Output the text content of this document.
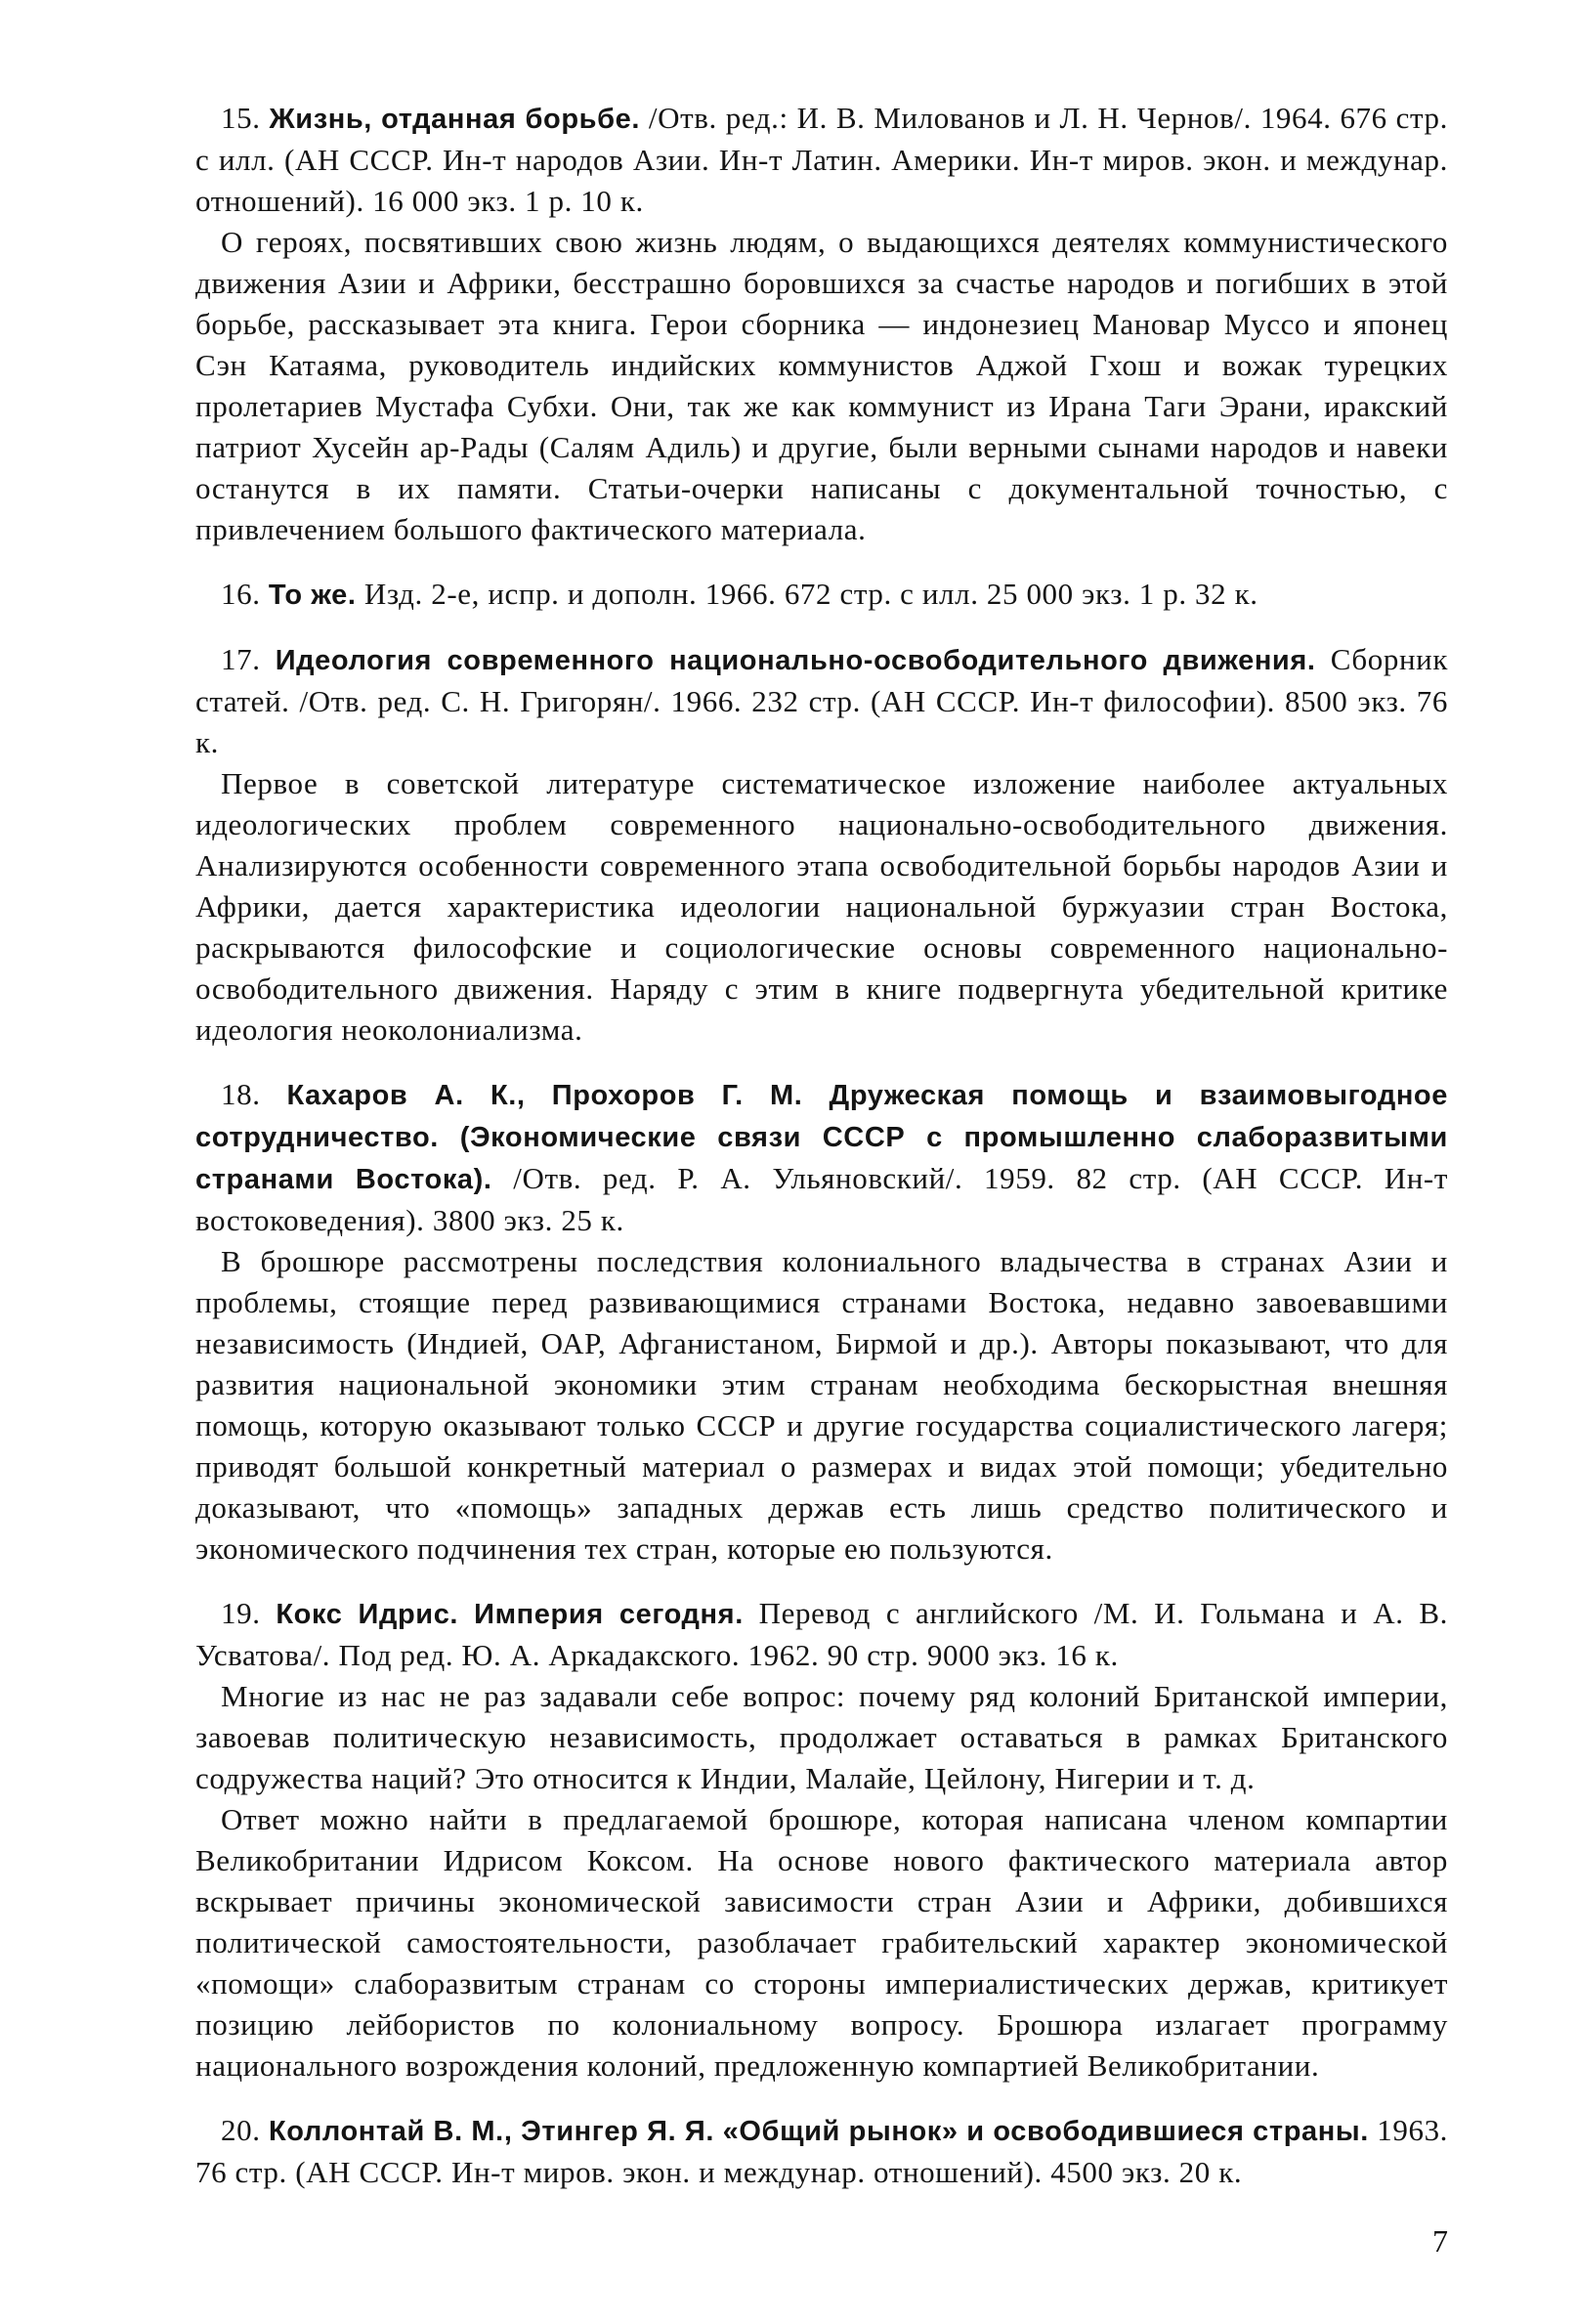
15. Жизнь, отданная борьбе. /Отв. ред.: И. В. Милованов и Л. Н. Чернов/. 1964. 676 стр. с илл. (АН СССР. Ин-т народов Азии. Ин-т Латин. Америки. Ин-т миров. экон. и междунар. отношений). 16 000 экз. 1 р. 10 к.

О героях, посвятивших свою жизнь людям, о выдающихся деятелях коммунистического движения Азии и Африки, бесстрашно боровшихся за счастье народов и погибших в этой борьбе, рассказывает эта книга. Герои сборника — индонезиец Мановар Муссо и японец Сэн Катаяма, руководитель индийских коммунистов Аджой Гхош и вожак турецких пролетариев Мустафа Субхи. Они, так же как коммунист из Ирана Таги Эрани, иракский патриот Хусейн ар-Рады (Салям Адиль) и другие, были верными сынами народов и навеки останутся в их памяти. Статьи-очерки написаны с документальной точностью, с привлечением большого фактического материала.

16. То же. Изд. 2-е, испр. и дополн. 1966. 672 стр. с илл. 25 000 экз. 1 р. 32 к.

17. Идеология современного национально-освободительного движения. Сборник статей. /Отв. ред. С. Н. Григорян/. 1966. 232 стр. (АН СССР. Ин-т философии). 8500 экз. 76 к.

Первое в советской литературе систематическое изложение наиболее актуальных идеологических проблем современного национально-освободительного движения. Анализируются особенности современного этапа освободительной борьбы народов Азии и Африки, дается характеристика идеологии национальной буржуазии стран Востока, раскрываются философские и социологические основы современного национально-освободительного движения. Наряду с этим в книге подвергнута убедительной критике идеология неоколониализма.

18. Кахаров А. К., Прохоров Г. М. Дружеская помощь и взаимовыгодное сотрудничество. (Экономические связи СССР с промышленно слаборазвитыми странами Востока). /Отв. ред. Р. А. Ульяновский/. 1959. 82 стр. (АН СССР. Ин-т востоковедения). 3800 экз. 25 к.

В брошюре рассмотрены последствия колониального владычества в странах Азии и проблемы, стоящие перед развивающимися странами Востока, недавно завоевавшими независимость (Индией, ОАР, Афганистаном, Бирмой и др.). Авторы показывают, что для развития национальной экономики этим странам необходима бескорыстная внешняя помощь, которую оказывают только СССР и другие государства социалистического лагеря; приводят большой конкретный материал о размерах и видах этой помощи; убедительно доказывают, что «помощь» западных держав есть лишь средство политического и экономического подчинения тех стран, которые ею пользуются.

19. Кокс Идрис. Империя сегодня. Перевод с английского /М. И. Гольмана и А. В. Усватова/. Под ред. Ю. А. Аркадакского. 1962. 90 стр. 9000 экз. 16 к.

Многие из нас не раз задавали себе вопрос: почему ряд колоний Британской империи, завоевав политическую независимость, продолжает оставаться в рамках Британского содружества наций? Это относится к Индии, Малайе, Цейлону, Нигерии и т. д.

Ответ можно найти в предлагаемой брошюре, которая написана членом компартии Великобритании Идрисом Коксом. На основе нового фактического материала автор вскрывает причины экономической зависимости стран Азии и Африки, добившихся политической самостоятельности, разоблачает грабительский характер экономической «помощи» слаборазвитым странам со стороны империалистических держав, критикует позицию лейбористов по колониальному вопросу. Брошюра излагает программу национального возрождения колоний, предложенную компартией Великобритании.

20. Коллонтай В. М., Этингер Я. Я. «Общий рынок» и освободившиеся страны. 1963. 76 стр. (АН СССР. Ин-т миров. экон. и междунар. отношений). 4500 экз. 20 к.

7
